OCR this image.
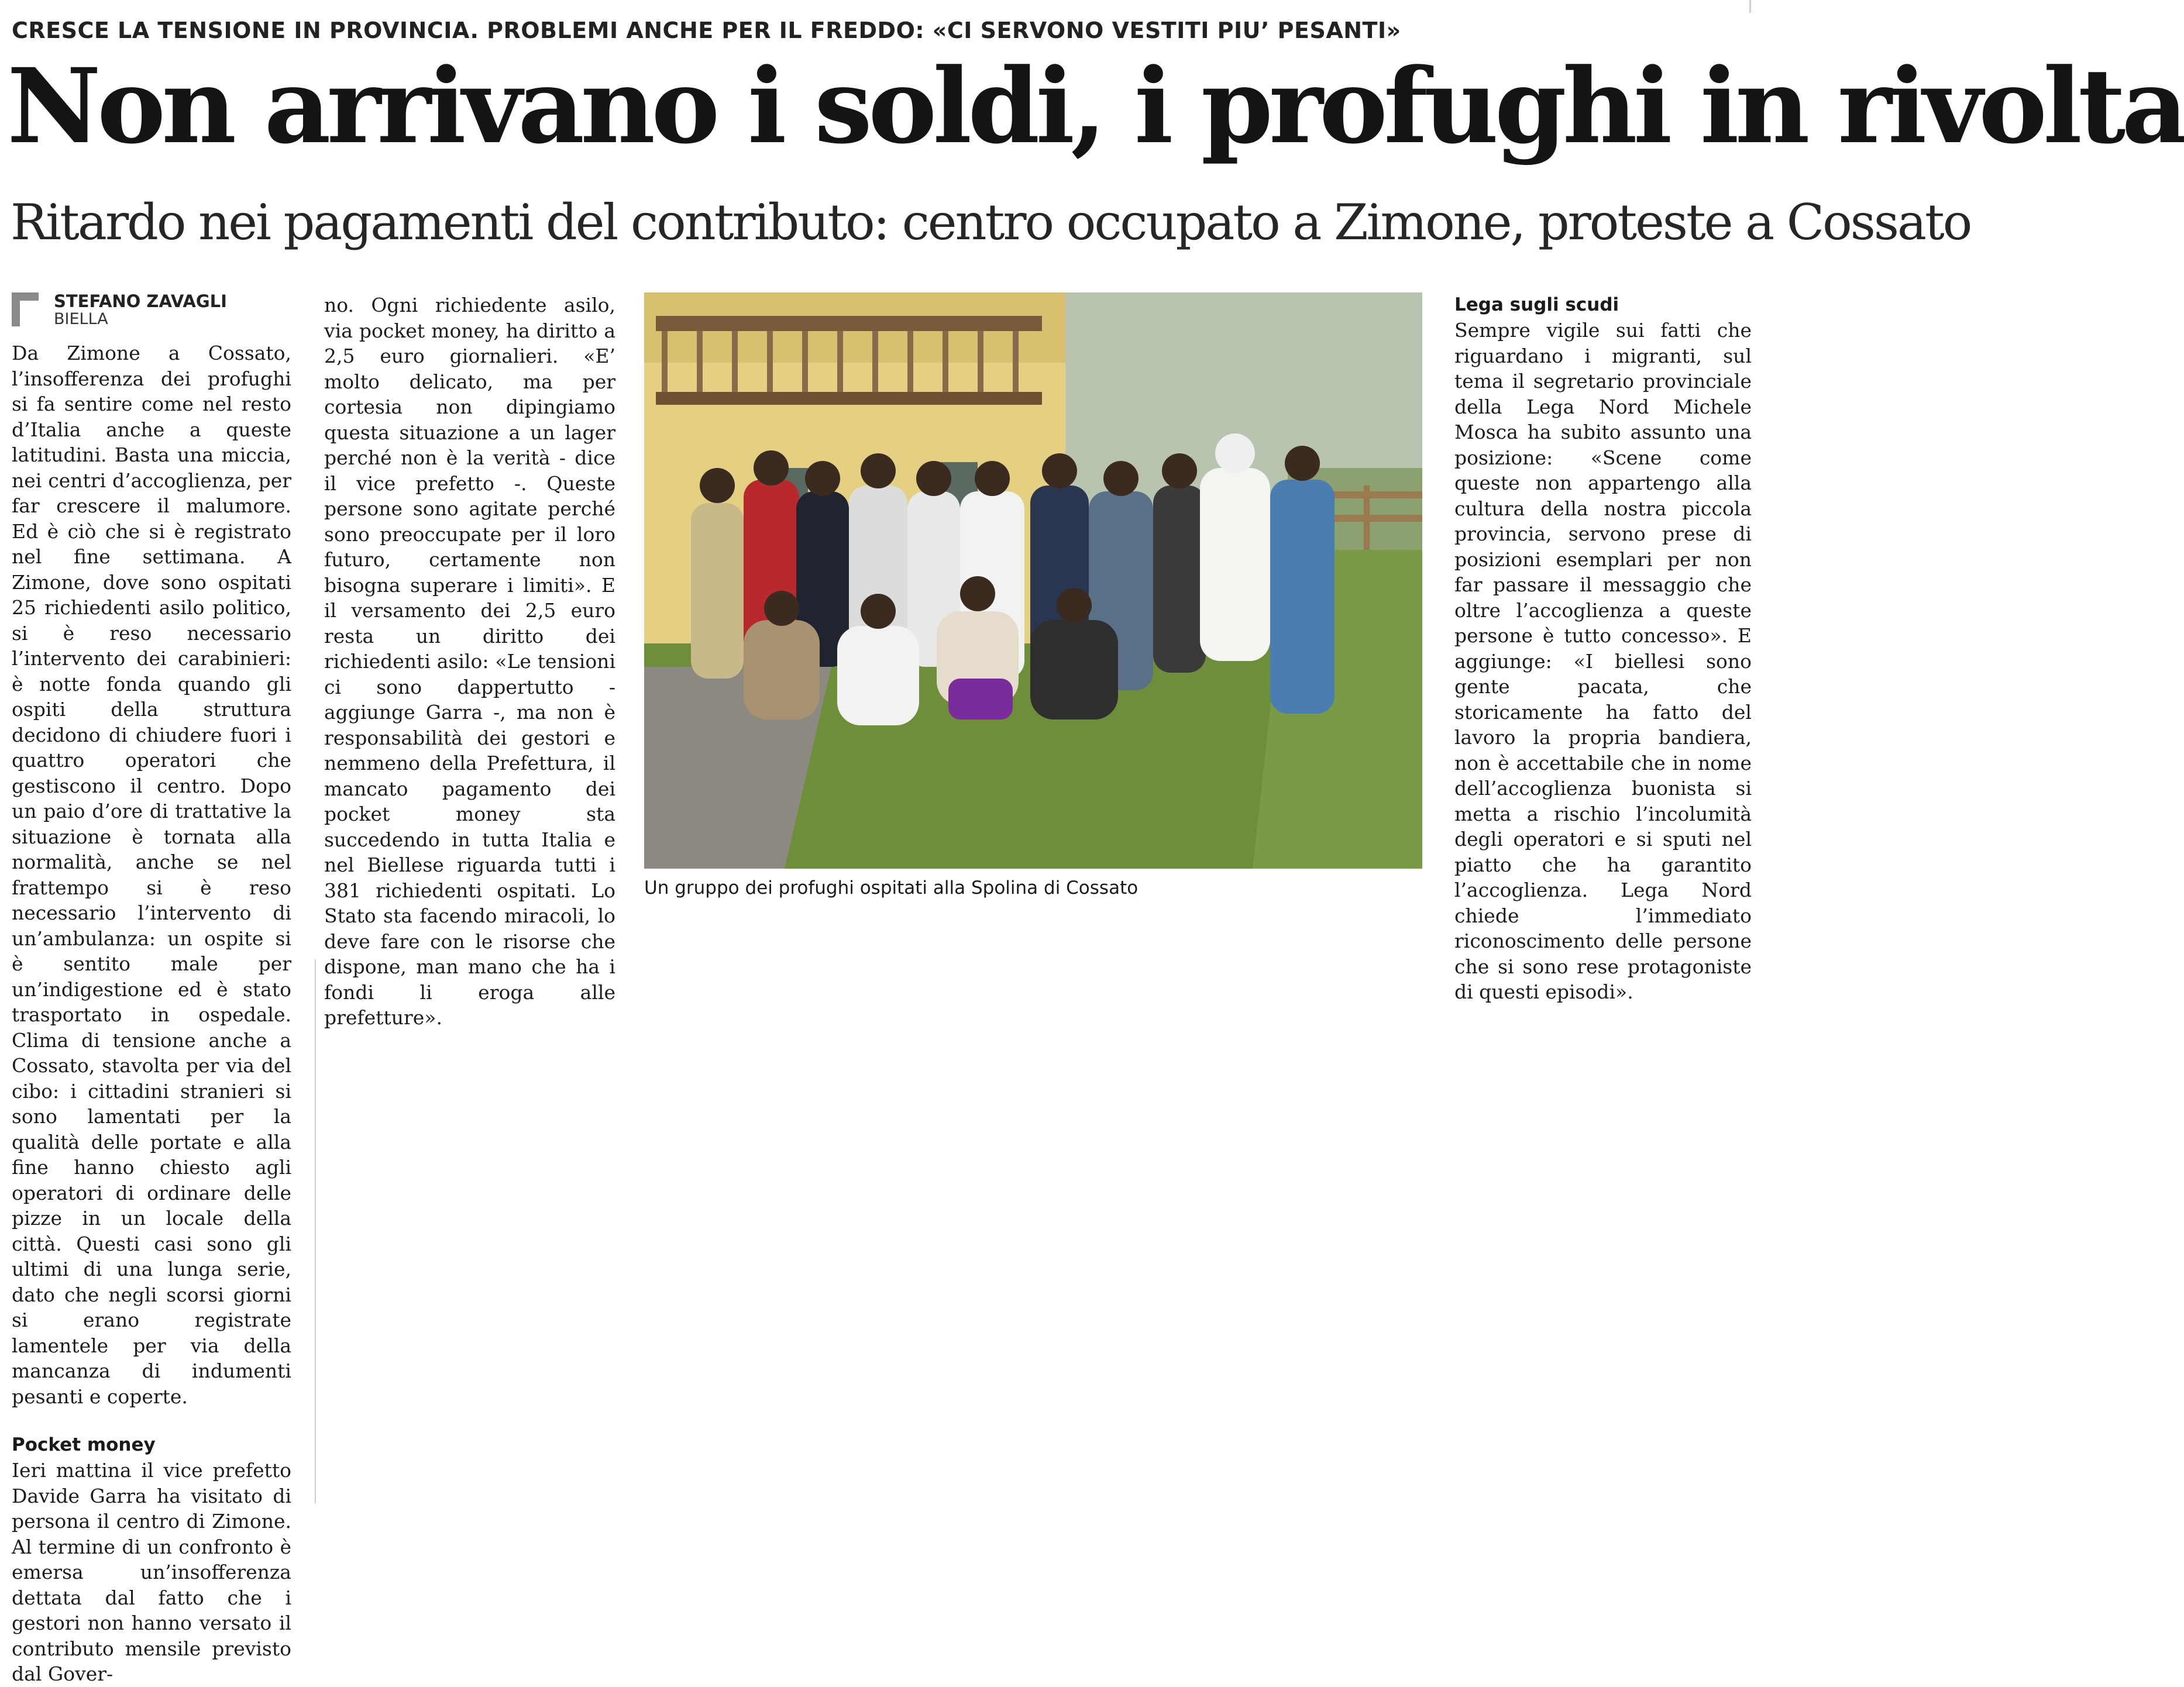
CRESCE LA TENSIONE IN PROVINCIA. PROBLEMI ANCHE PER IL FREDDO: «CI SERVONO VESTITI PIU’ PESANTI»
Non arrivano i soldi, i profughi in rivolta
Ritardo nei pagamenti del contributo: centro occupato a Zimone, proteste a Cossato
STEFANO ZAVAGLI
BIELLA

Da Zimone a Cossato, l’insofferenza dei profughi si fa sentire come nel resto d’Italia anche a queste latitudini. Basta una miccia, nei centri d’accoglienza, per far crescere il malumore. Ed è ciò che si è registrato nel fine settimana. A Zimone, dove sono ospitati 25 richiedenti asilo politico, si è reso necessario l’intervento dei carabinieri: è notte fonda quando gli ospiti della struttura decidono di chiudere fuori i quattro operatori che gestiscono il centro. Dopo un paio d’ore di trattative la situazione è tornata alla normalità, anche se nel frattempo si è reso necessario l’intervento di un’ambulanza: un ospite si è sentito male per un’indigestione ed è stato trasportato in ospedale. Clima di tensione anche a Cossato, stavolta per via del cibo: i cittadini stranieri si sono lamentati per la qualità delle portate e alla fine hanno chiesto agli operatori di ordinare delle pizze in un locale della città. Questi casi sono gli ultimi di una lunga serie, dato che negli scorsi giorni si erano registrate lamentele per via della mancanza di indumenti pesanti e coperte.

Pocket money

Ieri mattina il vice prefetto Davide Garra ha visitato di persona il centro di Zimone. Al termine di un confronto è emersa un’insofferenza dettata dal fatto che i gestori non hanno versato il contributo mensile previsto dal Gover-

no. Ogni richiedente asilo, via pocket money, ha diritto a 2,5 euro giornalieri. «E’ molto delicato, ma per cortesia non dipingiamo questa situazione a un lager perché non è la verità - dice il vice prefetto -. Queste persone sono agitate perché sono preoccupate per il loro futuro, certamente non bisogna superare i limiti». E il versamento dei 2,5 euro resta un diritto dei richiedenti asilo: «Le tensioni ci sono dappertutto - aggiunge Garra -, ma non è responsabilità dei gestori e nemmeno della Prefettura, il mancato pagamento dei pocket money sta succedendo in tutta Italia e nel Biellese riguarda tutti i 381 richiedenti ospitati. Lo Stato sta facendo miracoli, lo deve fare con le risorse che dispone, man mano che ha i fondi li eroga alle prefetture».

Un gruppo dei profughi ospitati alla Spolina di Cossato

Lega sugli scudi

Sempre vigile sui fatti che riguardano i migranti, sul tema il segretario provinciale della Lega Nord Michele Mosca ha subito assunto una posizione: «Scene come queste non appartengo alla cultura della nostra piccola provincia, servono prese di posizioni esemplari per non far passare il messaggio che oltre l’accoglienza a queste persone è tutto concesso». E aggiunge: «I biellesi sono gente pacata, che storicamente ha fatto del lavoro la propria bandiera, non è accettabile che in nome dell’accoglienza buonista si metta a rischio l’incolumità degli operatori e si sputi nel piatto che ha garantito l’accoglienza. Lega Nord chiede l’immediato riconoscimento delle persone che si sono rese protagoniste di questi episodi».
